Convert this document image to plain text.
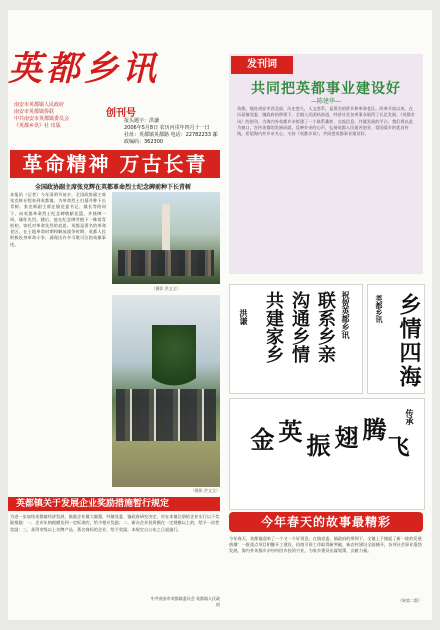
英都乡讯
创刊号
南安市英都镇人民政府
南安市英都镇侨联
中共南安市英都镇委员会
《英都乡讯》社 出版
报头题字：洪谦
2006年5月8日 农历丙戌年四月十一日
社址：英都镇英都路 电话：22782233 邮政编码：362300
革命精神 万古长青
全国政协副主席张克辉在英都革命烈士纪念碑前种下长青树
本报讯（记者）今年清明节前夕，全国政协副主席张克辉专程来到英都镇，为革命烈士扫墓并种下长青树。张克辉副主席在镇党委书记、镇长等陪同下，向英都革命烈士纪念碑敬献花篮，并绕碑一周，缅怀先烈。随后，他在纪念碑旁植下一株常青松柏，寄托对革命先烈的哀思。英都是著名的革命老区，在土地革命时期和解放战争时期，英都人民积极投身革命斗争，涌现出许多可歌可泣的英雄事迹。
（摄影 洪文全）
（摄影 洪文全）
英都镇关于发展企业奖励措施暂行规定
为进一步加快英都镇经济发展，鼓励企业做大做强，经镇党委、镇政府研究决定，对在本镇注册的企业实行以下奖励措施：一、企业年纳税额达到一定标准的，给予相应奖励；二、新办企业投资额在一定规模以上的，给予一次性奖励；三、获得市级以上名牌产品、著名商标的企业，给予奖励。本规定自公布之日起施行。
中共南安市英都镇委员会 英都镇人民政府
发刊词
共同把英都事业建设好
—陈建华—
英都，地处南安市西北部，历史悠久，人文荟萃，是著名的侨乡和革命老区。改革开放以来，在历届镇党委、镇政府的带领下，全镇人民团结奋进，经济社会各项事业取得了长足发展。《英都乡讯》的创刊，为海内外英都乡亲搭建了一个联系桑梓、交流信息、共谋发展的平台。我们将以此为窗口，宣传英都的发展成就，反映乡亲的心声，弘扬英都人民艰苦创业、爱国爱乡的优良传统。希望海内外乡亲关心、支持《英都乡讯》，共同把英都事业建设好。
祝贺英都乡讯
联系乡亲
沟通乡情
共建家乡
洪谦
乡
情
四
海
英都乡讯
传承
金 英
振 翅 腾
飞
今年春天的故事最精彩
今年春天，英都镇迎来了一个又一个好消息。在镇党委、镇政府的带领下，全镇上下掀起了新一轮的发展热潮：一批重点项目相继开工建设，招商引资工作取得新突破，新农村建设全面铺开，各项社会事业蓬勃发展。海内外英都乡亲纷纷回乡投资兴业，为家乡建设出谋划策、贡献力量。
（转第二版）
